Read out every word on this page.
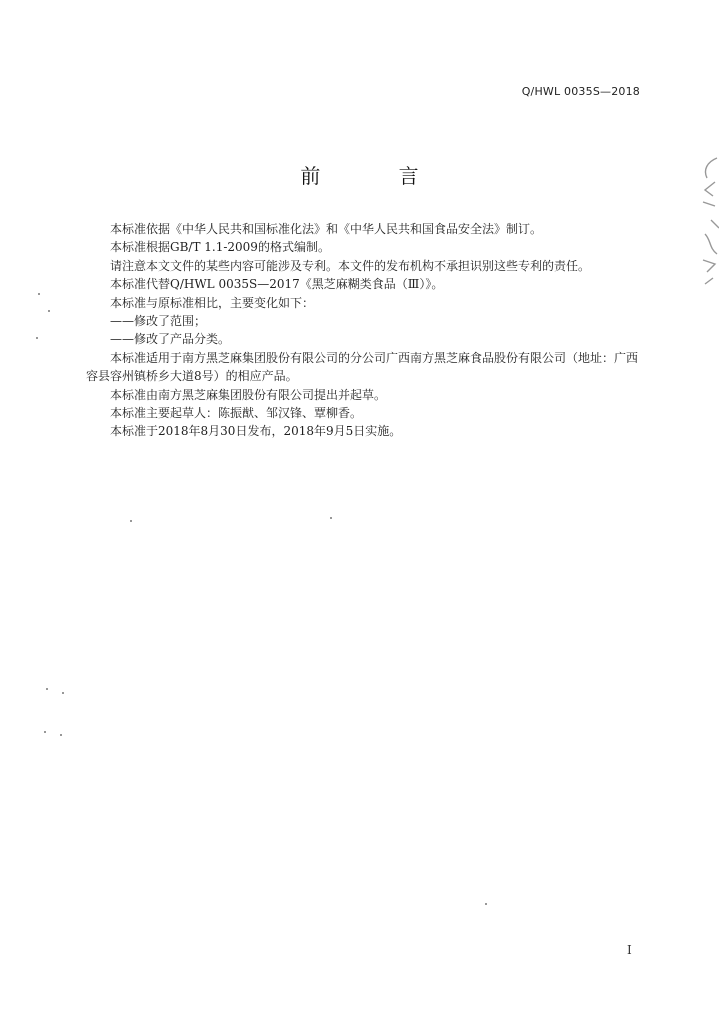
Q/HWL 0035S—2018
前 言

本标准依据《中华人民共和国标准化法》和《中华人民共和国食品安全法》制订。

本标准根据GB/T 1.1-2009的格式编制。

请注意本文文件的某些内容可能涉及专利。本文件的发布机构不承担识别这些专利的责任。

本标准代替Q/HWL 0035S—2017《黑芝麻糊类食品（Ⅲ）》。

本标准与原标准相比，主要变化如下：

——修改了范围；

——修改了产品分类。

本标准适用于南方黑芝麻集团股份有限公司的分公司广西南方黑芝麻食品股份有限公司（地址：广西容县容州镇桥乡大道8号）的相应产品。

本标准由南方黑芝麻集团股份有限公司提出并起草。

本标准主要起草人：陈振猷、邹汉锋、覃柳香。

本标准于2018年8月30日发布，2018年9月5日实施。

I
